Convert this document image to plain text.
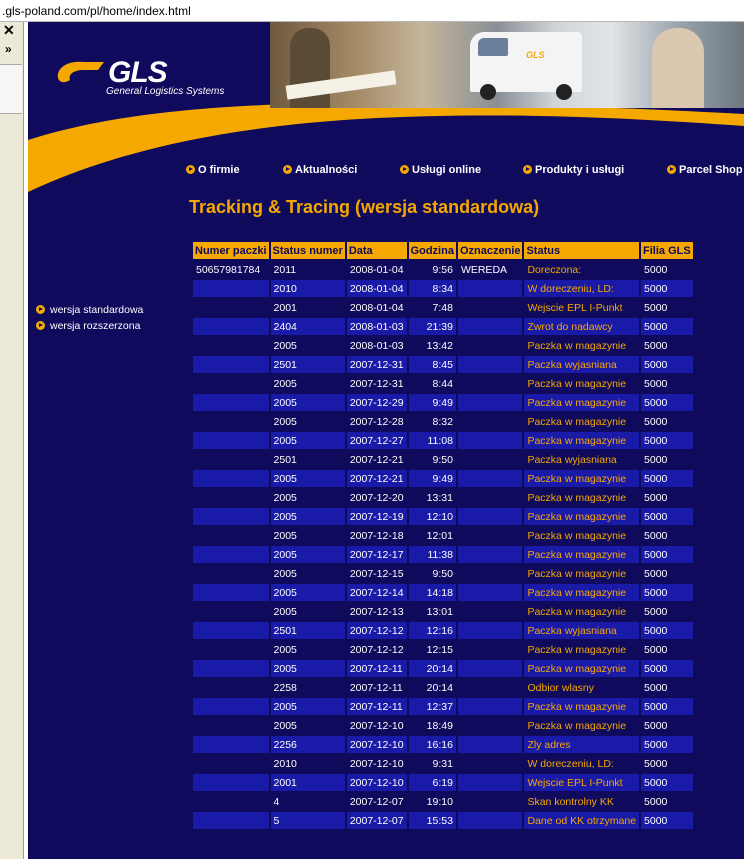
.gls-poland.com/pl/home/index.html
✕
»
GLS
General Logistics Systems
GLS
O firmie	Aktualności	Usługi online	Produkty i usługi	Parcel Shop
Tracking & Tracing (wersja standardowa)
wersja standardowa
wersja rozszerzona
Numer paczki	Status numer	Data	Godzina	Oznaczenie	Status	Filia GLS
50657981784	2011	2008-01-04	9:56	WEREDA	Doreczona:	5000
	2010	2008-01-04	8:34		W doreczeniu, LD:	5000
	2001	2008-01-04	7:48		Wejscie EPL I-Punkt	5000
	2404	2008-01-03	21:39		Zwrot do nadawcy	5000
	2005	2008-01-03	13:42		Paczka w magazynie	5000
	2501	2007-12-31	8:45		Paczka wyjasniana	5000
	2005	2007-12-31	8:44		Paczka w magazynie	5000
	2005	2007-12-29	9:49		Paczka w magazynie	5000
	2005	2007-12-28	8:32		Paczka w magazynie	5000
	2005	2007-12-27	11:08		Paczka w magazynie	5000
	2501	2007-12-21	9:50		Paczka wyjasniana	5000
	2005	2007-12-21	9:49		Paczka w magazynie	5000
	2005	2007-12-20	13:31		Paczka w magazynie	5000
	2005	2007-12-19	12:10		Paczka w magazynie	5000
	2005	2007-12-18	12:01		Paczka w magazynie	5000
	2005	2007-12-17	11:38		Paczka w magazynie	5000
	2005	2007-12-15	9:50		Paczka w magazynie	5000
	2005	2007-12-14	14:18		Paczka w magazynie	5000
	2005	2007-12-13	13:01		Paczka w magazynie	5000
	2501	2007-12-12	12:16		Paczka wyjasniana	5000
	2005	2007-12-12	12:15		Paczka w magazynie	5000
	2005	2007-12-11	20:14		Paczka w magazynie	5000
	2258	2007-12-11	20:14		Odbior wlasny	5000
	2005	2007-12-11	12:37		Paczka w magazynie	5000
	2005	2007-12-10	18:49		Paczka w magazynie	5000
	2256	2007-12-10	16:16		Zly adres	5000
	2010	2007-12-10	9:31		W doreczeniu, LD:	5000
	2001	2007-12-10	6:19		Wejscie EPL I-Punkt	5000
	4	2007-12-07	19:10		Skan kontrolny KK	5000
	5	2007-12-07	15:53		Dane od KK otrzymane	5000
